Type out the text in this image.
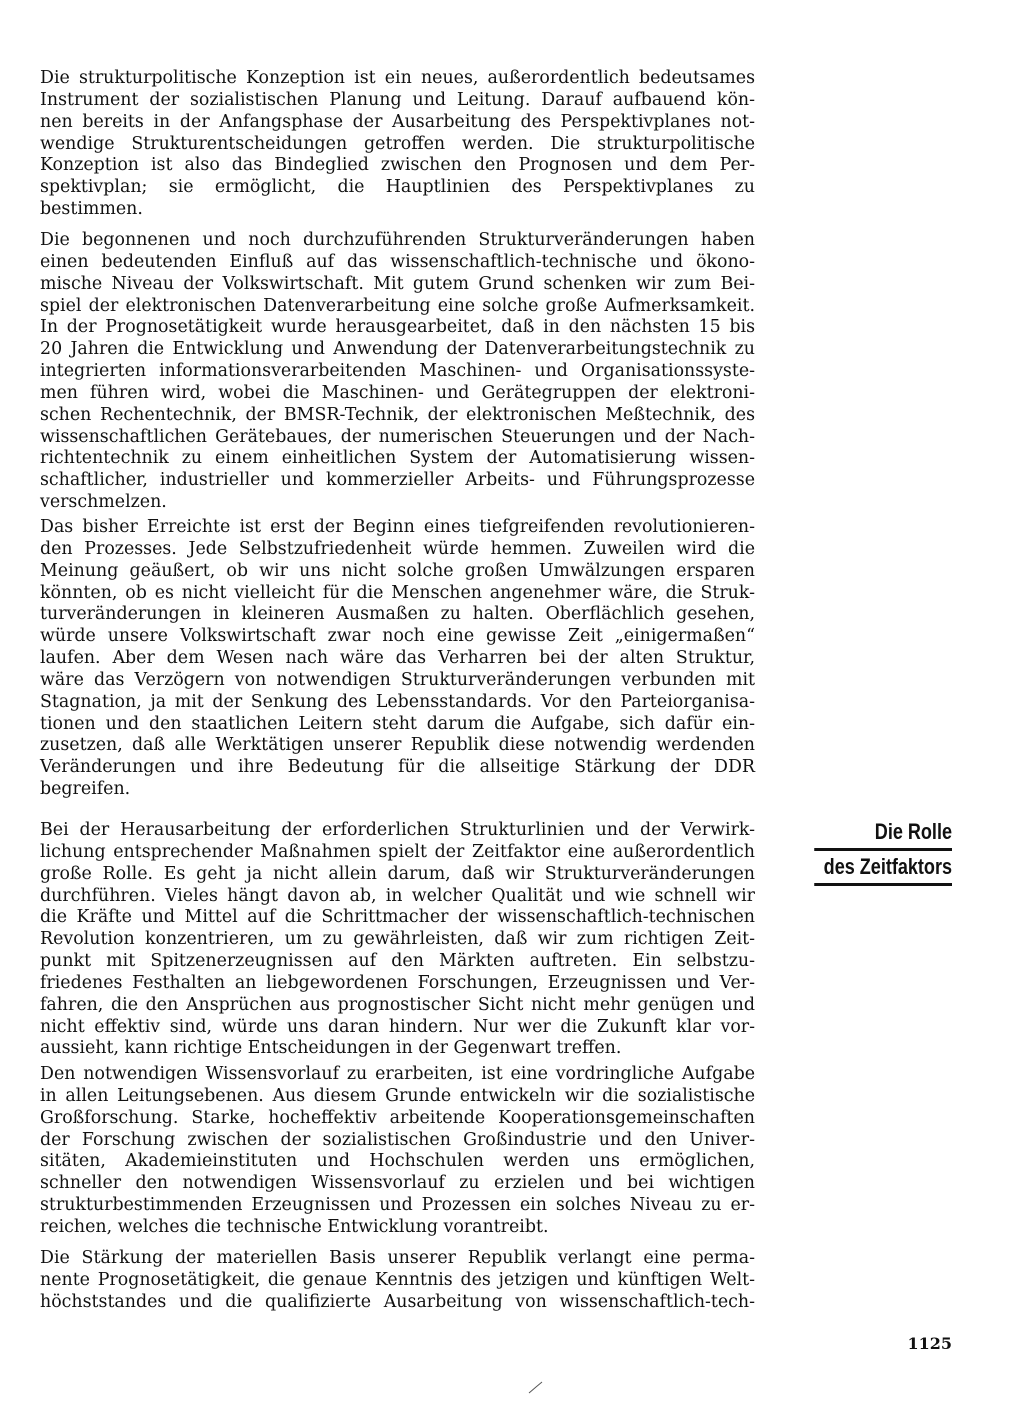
Die strukturpolitische Konzeption ist ein neues, außerordentlich bedeutsames
Instrument der sozialistischen Planung und Leitung. Darauf aufbauend kön-
nen bereits in der Anfangsphase der Ausarbeitung des Perspektivplanes not-
wendige Strukturentscheidungen getroffen werden. Die strukturpolitische
Konzeption ist also das Bindeglied zwischen den Prognosen und dem Per-
spektivplan; sie ermöglicht, die Hauptlinien des Perspektivplanes zu
bestimmen.

Die begonnenen und noch durchzuführenden Strukturveränderungen haben
einen bedeutenden Einfluß auf das wissenschaftlich-technische und ökono-
mische Niveau der Volkswirtschaft. Mit gutem Grund schenken wir zum Bei-
spiel der elektronischen Datenverarbeitung eine solche große Aufmerksamkeit.
In der Prognosetätigkeit wurde herausgearbeitet, daß in den nächsten 15 bis
20 Jahren die Entwicklung und Anwendung der Datenverarbeitungstechnik zu
integrierten informationsverarbeitenden Maschinen- und Organisationssyste-
men führen wird, wobei die Maschinen- und Gerätegruppen der elektroni-
schen Rechentechnik, der BMSR-Technik, der elektronischen Meßtechnik, des
wissenschaftlichen Gerätebaues, der numerischen Steuerungen und der Nach-
richtentechnik zu einem einheitlichen System der Automatisierung wissen-
schaftlicher, industrieller und kommerzieller Arbeits- und Führungsprozesse
verschmelzen.

Das bisher Erreichte ist erst der Beginn eines tiefgreifenden revolutionieren-
den Prozesses. Jede Selbstzufriedenheit würde hemmen. Zuweilen wird die
Meinung geäußert, ob wir uns nicht solche großen Umwälzungen ersparen
könnten, ob es nicht vielleicht für die Menschen angenehmer wäre, die Struk-
turveränderungen in kleineren Ausmaßen zu halten. Oberflächlich gesehen,
würde unsere Volkswirtschaft zwar noch eine gewisse Zeit „einigermaßen“
laufen. Aber dem Wesen nach wäre das Verharren bei der alten Struktur,
wäre das Verzögern von notwendigen Strukturveränderungen verbunden mit
Stagnation, ja mit der Senkung des Lebensstandards. Vor den Parteiorganisa-
tionen und den staatlichen Leitern steht darum die Aufgabe, sich dafür ein-
zusetzen, daß alle Werktätigen unserer Republik diese notwendig werdenden
Veränderungen und ihre Bedeutung für die allseitige Stärkung der DDR
begreifen.

Bei der Herausarbeitung der erforderlichen Strukturlinien und der Verwirk-
lichung entsprechender Maßnahmen spielt der Zeitfaktor eine außerordentlich
große Rolle. Es geht ja nicht allein darum, daß wir Strukturveränderungen
durchführen. Vieles hängt davon ab, in welcher Qualität und wie schnell wir
die Kräfte und Mittel auf die Schrittmacher der wissenschaftlich-technischen
Revolution konzentrieren, um zu gewährleisten, daß wir zum richtigen Zeit-
punkt mit Spitzenerzeugnissen auf den Märkten auftreten. Ein selbstzu-
friedenes Festhalten an liebgewordenen Forschungen, Erzeugnissen und Ver-
fahren, die den Ansprüchen aus prognostischer Sicht nicht mehr genügen und
nicht effektiv sind, würde uns daran hindern. Nur wer die Zukunft klar vor-
aussieht, kann richtige Entscheidungen in der Gegenwart treffen.

Den notwendigen Wissensvorlauf zu erarbeiten, ist eine vordringliche Aufgabe
in allen Leitungsebenen. Aus diesem Grunde entwickeln wir die sozialistische
Großforschung. Starke, hocheffektiv arbeitende Kooperationsgemeinschaften
der Forschung zwischen der sozialistischen Großindustrie und den Univer-
sitäten, Akademieinstituten und Hochschulen werden uns ermöglichen,
schneller den notwendigen Wissensvorlauf zu erzielen und bei wichtigen
strukturbestimmenden Erzeugnissen und Prozessen ein solches Niveau zu er-
reichen, welches die technische Entwicklung vorantreibt.

Die Stärkung der materiellen Basis unserer Republik verlangt eine perma-
nente Prognosetätigkeit, die genaue Kenntnis des jetzigen und künftigen Welt-
höchststandes und die qualifizierte Ausarbeitung von wissenschaftlich-tech-

Die Rolle
des Zeitfaktors
1125
